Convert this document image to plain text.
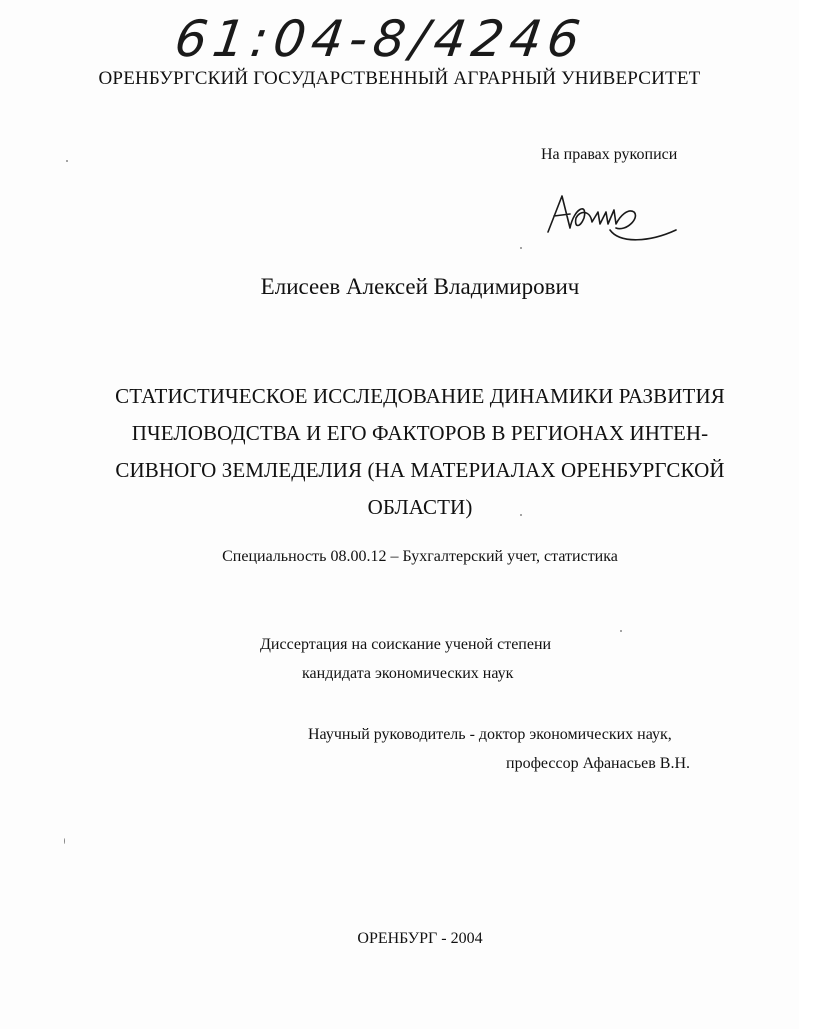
61:04-8/4246
ОРЕНБУРГСКИЙ ГОСУДАРСТВЕННЫЙ АГРАРНЫЙ УНИВЕРСИТЕТ
На правах рукописи
Елисеев Алексей Владимирович
СТАТИСТИЧЕСКОЕ ИССЛЕДОВАНИЕ ДИНАМИКИ РАЗВИТИЯ
ПЧЕЛОВОДСТВА И ЕГО ФАКТОРОВ В РЕГИОНАХ ИНТЕН-
СИВНОГО ЗЕМЛЕДЕЛИЯ (НА МАТЕРИАЛАХ ОРЕНБУРГСКОЙ
ОБЛАСТИ)
Специальность 08.00.12 – Бухгалтерский учет, статистика
Диссертация на соискание ученой степени
кандидата экономических наук
Научный руководитель - доктор экономических наук,
профессор Афанасьев В.Н.
ОРЕНБУРГ - 2004
